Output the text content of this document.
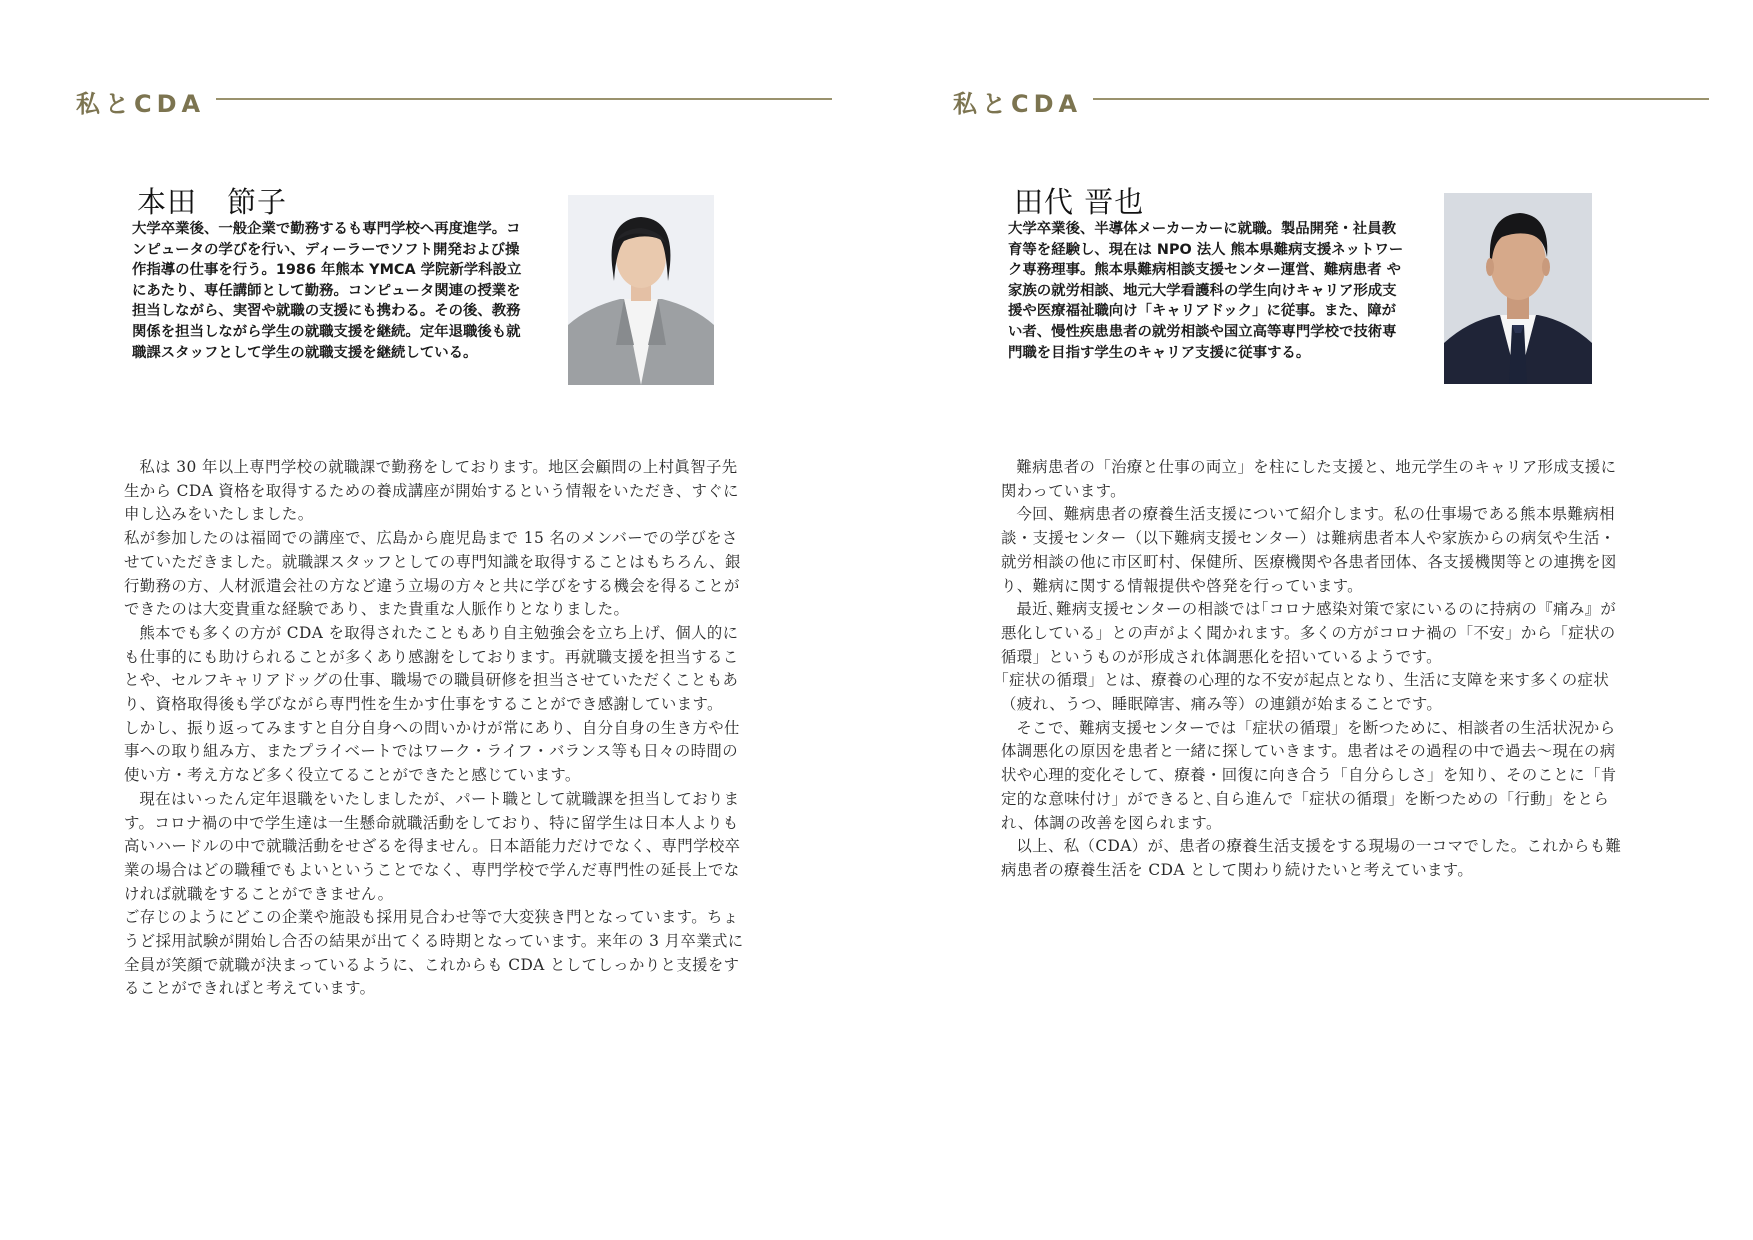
私とCDA
本田　節子
大学卒業後、一般企業で勤務するも専門学校へ再度進学。コンピュータの学びを行い、ディーラーでソフト開発および操作指導の仕事を行う。1986 年熊本 YMCA 学院新学科設立にあたり、専任講師として勤務。コンピュータ関連の授業を担当しながら、実習や就職の支援にも携わる。その後、教務関係を担当しながら学生の就職支援を継続。定年退職後も就職課スタッフとして学生の就職支援を継続している。

私は 30 年以上専門学校の就職課で勤務をしております。地区会顧問の上村眞智子先生から CDA 資格を取得するための養成講座が開始するという情報をいただき、すぐに申し込みをいたしました。

私が参加したのは福岡での講座で、広島から鹿児島まで 15 名のメンバーでの学びをさせていただきました。就職課スタッフとしての専門知識を取得することはもちろん、銀行勤務の方、人材派遣会社の方など違う立場の方々と共に学びをする機会を得ることができたのは大変貴重な経験であり、また貴重な人脈作りとなりました。

熊本でも多くの方が CDA を取得されたこともあり自主勉強会を立ち上げ、個人的にも仕事的にも助けられることが多くあり感謝をしております。再就職支援を担当することや、セルフキャリアドッグの仕事、職場での職員研修を担当させていただくこともあり、資格取得後も学びながら専門性を生かす仕事をすることができ感謝しています。

しかし、振り返ってみますと自分自身への問いかけが常にあり、自分自身の生き方や仕事への取り組み方、またプライベートではワーク・ライフ・バランス等も日々の時間の使い方・考え方など多く役立てることができたと感じています。

現在はいったん定年退職をいたしましたが、パート職として就職課を担当しております。コロナ禍の中で学生達は一生懸命就職活動をしており、特に留学生は日本人よりも高いハードルの中で就職活動をせざるを得ません。日本語能力だけでなく、専門学校卒業の場合はどの職種でもよいということでなく、専門学校で学んだ専門性の延長上でなければ就職をすることができません。

ご存じのようにどこの企業や施設も採用見合わせ等で大変狭き門となっています。ちょうど採用試験が開始し合否の結果が出てくる時期となっています。来年の 3 月卒業式に全員が笑顔で就職が決まっているように、これからも CDA としてしっかりと支援をすることができればと考えています。

私とCDA
田代 晋也
大学卒業後、半導体メーカーカーに就職。製品開発・社員教育等を経験し、現在は NPO 法人 熊本県難病支援ネットワーク専務理事。熊本県難病相談支援センター運営、難病患者 や家族の就労相談、地元大学看護科の学生向けキャリア形成支援や医療福祉職向け「キャリアドック」に従事。また、障がい者、慢性疾患患者の就労相談や国立高等専門学校で技術専門職を目指す学生のキャリア支援に従事する。

難病患者の「治療と仕事の両立」を柱にした支援と、地元学生のキャリア形成支援に関わっています。

今回、難病患者の療養生活支援について紹介します。私の仕事場である熊本県難病相談・支援センター（以下難病支援センター）は難病患者本人や家族からの病気や生活・就労相談の他に市区町村、保健所、医療機関や各患者団体、各支援機関等との連携を図り、難病に関する情報提供や啓発を行っています。

最近､難病支援センターの相談では｢コロナ感染対策で家にいるのに持病の『痛み』が悪化している」との声がよく聞かれます。多くの方がコロナ禍の「不安」から「症状の循環」というものが形成され体調悪化を招いているようです。

｢症状の循環」とは、療養の心理的な不安が起点となり、生活に支障を来す多くの症状（疲れ、うつ、睡眠障害、痛み等）の連鎖が始まることです。

そこで、難病支援センターでは「症状の循環」を断つために、相談者の生活状況から体調悪化の原因を患者と一緒に探していきます。患者はその過程の中で過去～現在の病状や心理的変化そして、療養・回復に向き合う「自分らしさ」を知り、そのことに「肯定的な意味付け」ができると､自ら進んで「症状の循環」を断つための「行動」をとられ、体調の改善を図られます。

以上、私（CDA）が、患者の療養生活支援をする現場の一コマでした。これからも難病患者の療養生活を CDA として関わり続けたいと考えています。
